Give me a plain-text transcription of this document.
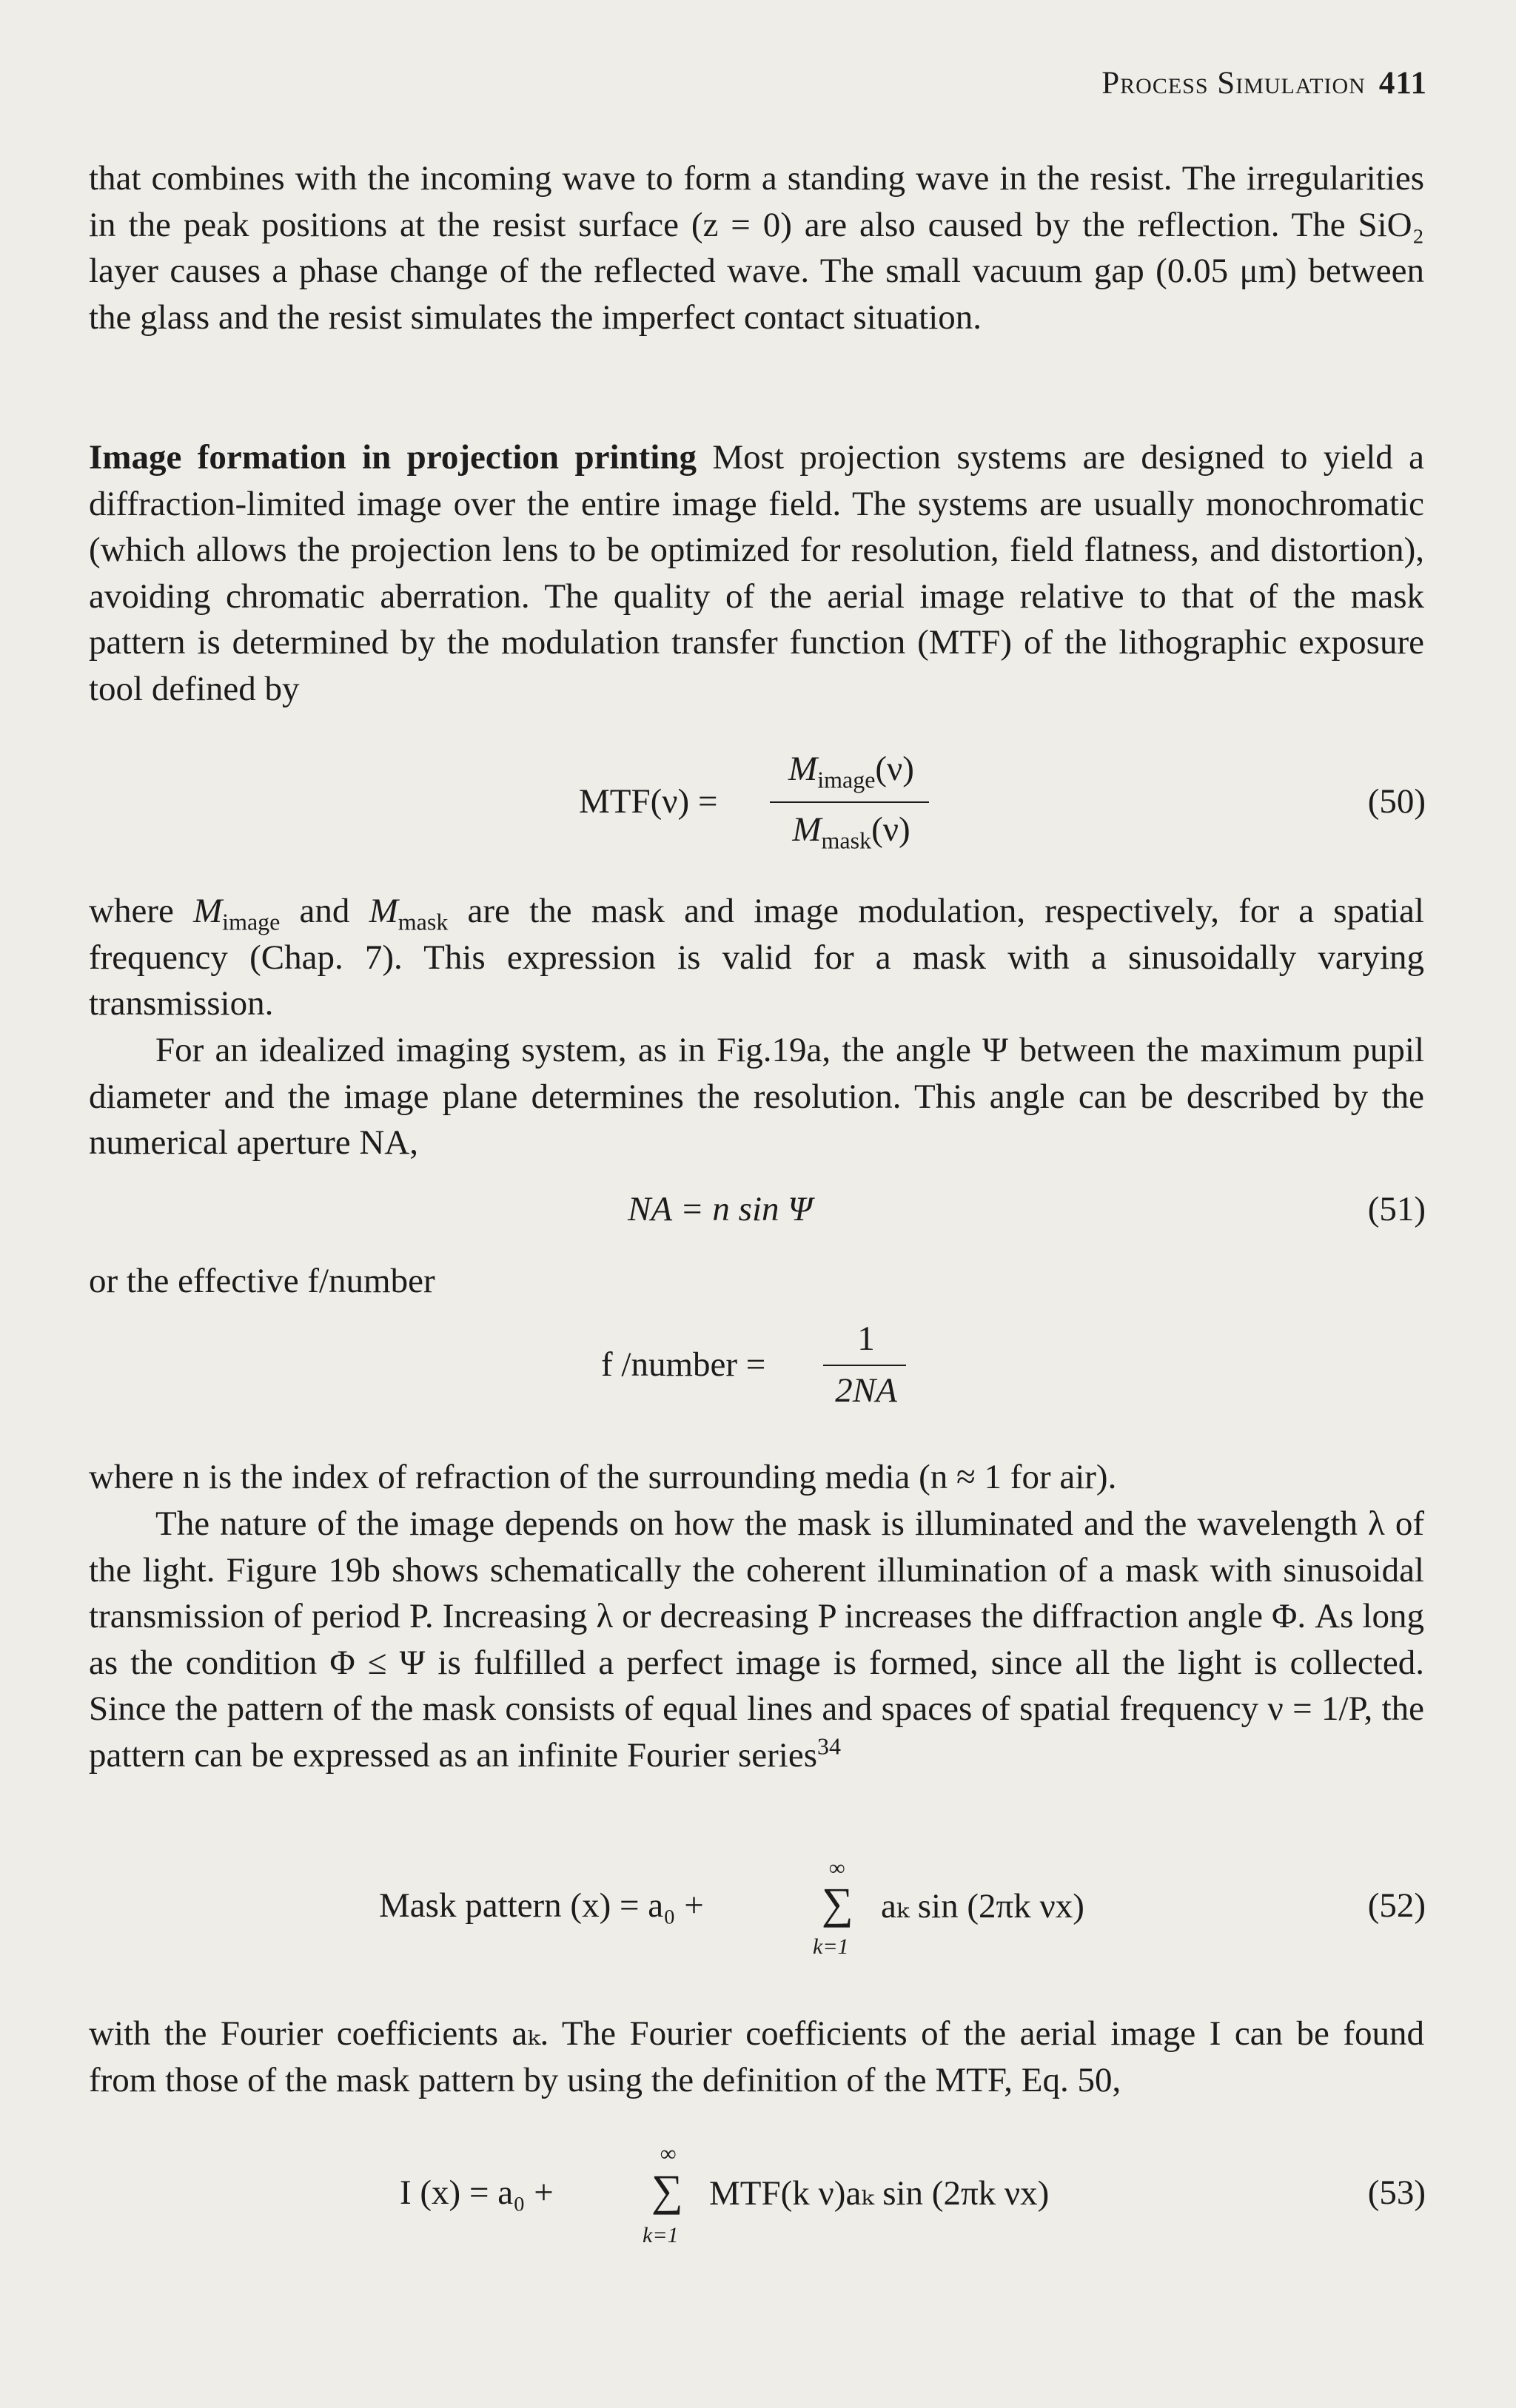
Process Simulation 411
that combines with the incoming wave to form a standing wave in the resist. The irregularities in the peak positions at the resist surface (z = 0) are also caused by the reflection. The SiO₂ layer causes a phase change of the reflected wave. The small vacuum gap (0.05 μm) between the glass and the resist simulates the imperfect contact situation.
Image formation in projection printing Most projection systems are designed to yield a diffraction-limited image over the entire image field. The systems are usually monochromatic (which allows the projection lens to be optimized for resolution, field flatness, and distortion), avoiding chromatic aberration. The quality of the aerial image relative to that of the mask pattern is determined by the modulation transfer function (MTF) of the lithographic exposure tool defined by
MTF(ν) =
$M_{image}(\nu)$
$M_{mask}(\nu)$
(50)
where $M_{image}$ and $M_{mask}$ are the mask and image modulation, respectively, for a spatial frequency (Chap. 7). This expression is valid for a mask with a sinusoidally varying transmission.
For an idealized imaging system, as in Fig.19a, the angle Ψ between the maximum pupil diameter and the image plane determines the resolution. This angle can be described by the numerical aperture NA,
NA = n sin Ψ	(51)
or the effective f/number
f /number =
1
2NA
where n is the index of refraction of the surrounding media (n ≈ 1 for air).
The nature of the image depends on how the mask is illuminated and the wavelength λ of the light. Figure 19b shows schematically the coherent illumination of a mask with sinusoidal transmission of period P. Increasing λ or decreasing P increases the diffraction angle Φ. As long as the condition Φ ≤ Ψ is fulfilled a perfect image is formed, since all the light is collected. Since the pattern of the mask consists of equal lines and spaces of spatial frequency ν = 1/P, the pattern can be expressed as an infinite Fourier series$^{34}$
Mask pattern (x) = a₀ +
∞
∑
k=1
aₖ sin (2πk νx)	(52)
with the Fourier coefficients aₖ. The Fourier coefficients of the aerial image I can be found from those of the mask pattern by using the definition of the MTF, Eq. 50,
I (x) = a₀ +
∞
∑
k=1
MTF(k ν)aₖ sin (2πk νx)	(53)
